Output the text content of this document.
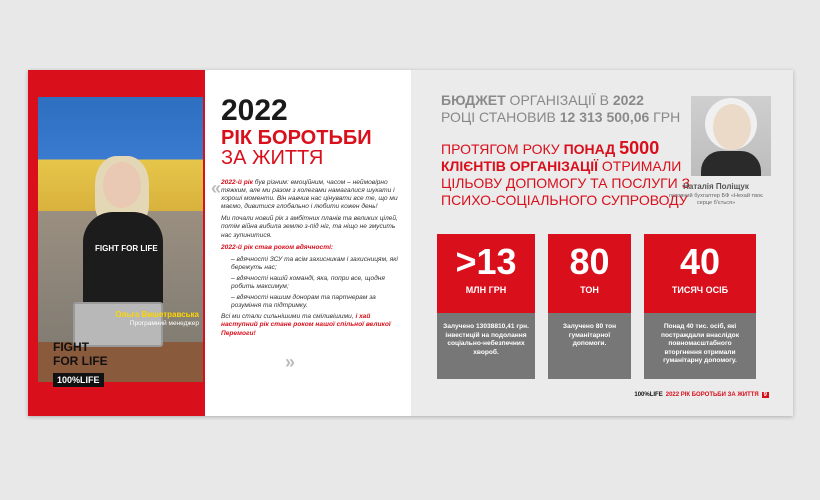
FIGHT FOR LIFE
Ольга Вишетравська
Програмний менеджер
FIGHT
FOR LIFE
100%LIFE
2022
РІК БОРОТЬБИ
ЗА ЖИТТЯ
« 2022-й рік був різним: емоційним, часом – неймовірно тяжким, але ми разом з колегами намагалися шукати і хороші моменти. Він навчив нас цінувати все те, що ми маємо, дивитися глобально і любити кожен день!

Ми почали новий рік з амбітних планів та великих цілей, потім війна вибила землю з-під ніг, та ніщо не змусить нас зупинитися.

2022-й рік став роком вдячності:

– вдячності ЗСУ та всім захисникам і захисницям, які бережуть нас;
– вдячності нашій команді, яка, попри все, щодня робить максимум;
– вдячності нашим донорам та партнерам за розуміння та підтримку.

Всі ми стали сильнішими та сміливішими, і хай наступний рік стане роком нашої спільної великої Перемоги!

»
БЮДЖЕТ ОРГАНІЗАЦІЇ В 2022 РОЦІ СТАНОВИВ 12 313 500,06 ГРН
ПРОТЯГОМ РОКУ ПОНАД 5000
КЛІЄНТІВ ОРГАНІЗАЦІЇ ОТРИМАЛИ ЦІЛЬОВУ ДОПОМОГУ ТА ПОСЛУГИ З ПСИХО-СОЦІАЛЬНОГО СУПРОВОДУ
Наталія Поліщук
головний бухгалтер БФ «Нехай твоє серце б'ється»
>13
МЛН ГРН
Залучено 13038810,41 грн. інвестицій на подолання соціально-небезпечних хвороб.
80
ТОН
Залучено 80 тон гуманітарної допомоги.
40
ТИСЯЧ ОСІБ
Понад 40 тис. осіб, які постраждали внаслідок повномасштабного вторгнення отримали гуманітарну допомогу.
100%LIFE 2022 РІК БОРОТЬБИ ЗА ЖИТТЯ 9
